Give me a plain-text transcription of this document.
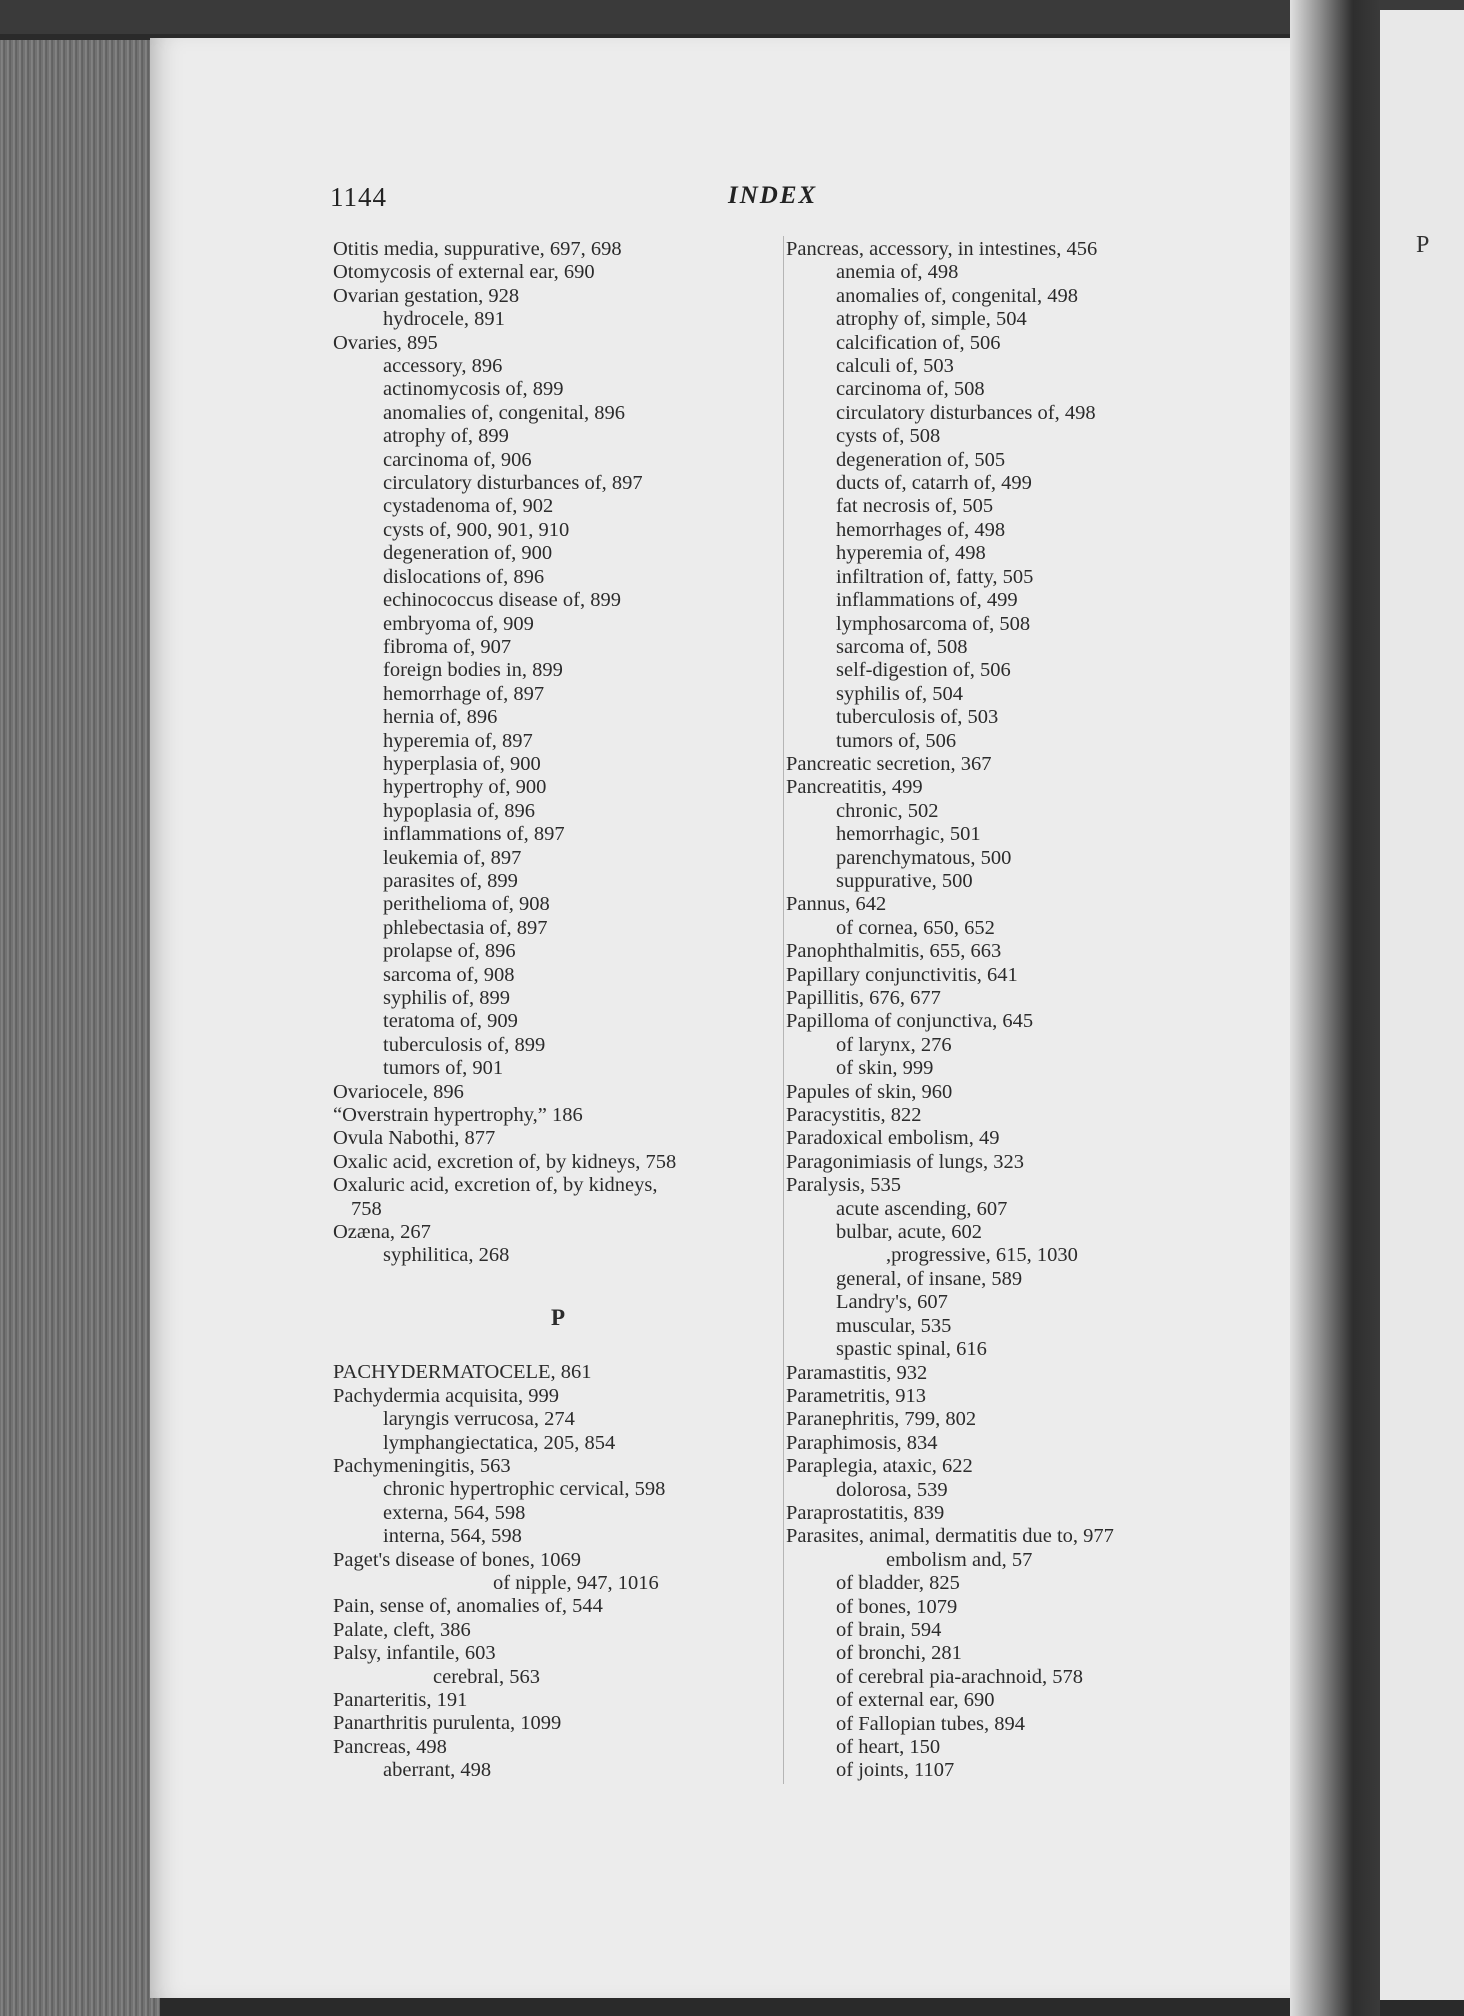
P
1144	INDEX
Otitis media, suppurative, 697, 698
Otomycosis of external ear, 690
Ovarian gestation, 928
hydrocele, 891
Ovaries, 895
accessory, 896
actinomycosis of, 899
anomalies of, congenital, 896
atrophy of, 899
carcinoma of, 906
circulatory disturbances of, 897
cystadenoma of, 902
cysts of, 900, 901, 910
degeneration of, 900
dislocations of, 896
echinococcus disease of, 899
embryoma of, 909
fibroma of, 907
foreign bodies in, 899
hemorrhage of, 897
hernia of, 896
hyperemia of, 897
hyperplasia of, 900
hypertrophy of, 900
hypoplasia of, 896
inflammations of, 897
leukemia of, 897
parasites of, 899
perithelioma of, 908
phlebectasia of, 897
prolapse of, 896
sarcoma of, 908
syphilis of, 899
teratoma of, 909
tuberculosis of, 899
tumors of, 901
Ovariocele, 896
“Overstrain hypertrophy,” 186
Ovula Nabothi, 877
Oxalic acid, excretion of, by kidneys, 758
Oxaluric acid, excretion of, by kidneys,
758
Ozæna, 267
syphilitica, 268
P
PACHYDERMATOCELE, 861
Pachydermia acquisita, 999
laryngis verrucosa, 274
lymphangiectatica, 205, 854
Pachymeningitis, 563
chronic hypertrophic cervical, 598
externa, 564, 598
interna, 564, 598
Paget's disease of bones, 1069
of nipple, 947, 1016
Pain, sense of, anomalies of, 544
Palate, cleft, 386
Palsy, infantile, 603
cerebral, 563
Panarteritis, 191
Panarthritis purulenta, 1099
Pancreas, 498
aberrant, 498
Pancreas, accessory, in intestines, 456
anemia of, 498
anomalies of, congenital, 498
atrophy of, simple, 504
calcification of, 506
calculi of, 503
carcinoma of, 508
circulatory disturbances of, 498
cysts of, 508
degeneration of, 505
ducts of, catarrh of, 499
fat necrosis of, 505
hemorrhages of, 498
hyperemia of, 498
infiltration of, fatty, 505
inflammations of, 499
lymphosarcoma of, 508
sarcoma of, 508
self-digestion of, 506
syphilis of, 504
tuberculosis of, 503
tumors of, 506
Pancreatic secretion, 367
Pancreatitis, 499
chronic, 502
hemorrhagic, 501
parenchymatous, 500
suppurative, 500
Pannus, 642
of cornea, 650, 652
Panophthalmitis, 655, 663
Papillary conjunctivitis, 641
Papillitis, 676, 677
Papilloma of conjunctiva, 645
of larynx, 276
of skin, 999
Papules of skin, 960
Paracystitis, 822
Paradoxical embolism, 49
Paragonimiasis of lungs, 323
Paralysis, 535
acute ascending, 607
bulbar, acute, 602
,progressive, 615, 1030
general, of insane, 589
Landry's, 607
muscular, 535
spastic spinal, 616
Paramastitis, 932
Parametritis, 913
Paranephritis, 799, 802
Paraphimosis, 834
Paraplegia, ataxic, 622
dolorosa, 539
Paraprostatitis, 839
Parasites, animal, dermatitis due to, 977
embolism and, 57
of bladder, 825
of bones, 1079
of brain, 594
of bronchi, 281
of cerebral pia-arachnoid, 578
of external ear, 690
of Fallopian tubes, 894
of heart, 150
of joints, 1107
